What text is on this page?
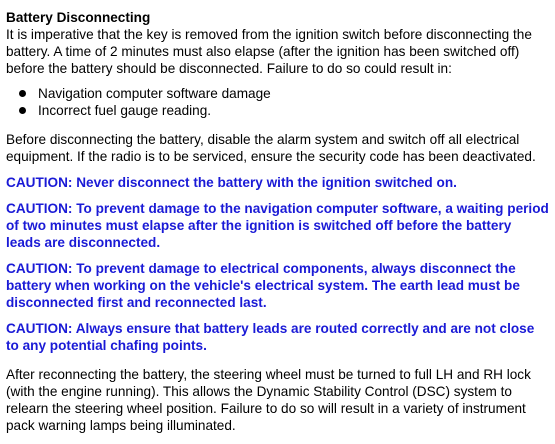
Battery Disconnecting

It is imperative that the key is removed from the ignition switch before disconnecting the battery. A time of 2 minutes must also elapse (after the ignition has been switched off) before the battery should be disconnected. Failure to do so could result in:

Navigation computer software damage
Incorrect fuel gauge reading.

Before disconnecting the battery, disable the alarm system and switch off all electrical equipment. If the radio is to be serviced, ensure the security code has been deactivated.

CAUTION: Never disconnect the battery with the ignition switched on.

CAUTION: To prevent damage to the navigation computer software, a waiting period of two minutes must elapse after the ignition is switched off before the battery leads are disconnected.

CAUTION: To prevent damage to electrical components, always disconnect the battery when working on the vehicle's electrical system. The earth lead must be disconnected first and reconnected last.

CAUTION: Always ensure that battery leads are routed correctly and are not close to any potential chafing points.

After reconnecting the battery, the steering wheel must be turned to full LH and RH lock (with the engine running). This allows the Dynamic Stability Control (DSC) system to relearn the steering wheel position. Failure to do so will result in a variety of instrument pack warning lamps being illuminated.
